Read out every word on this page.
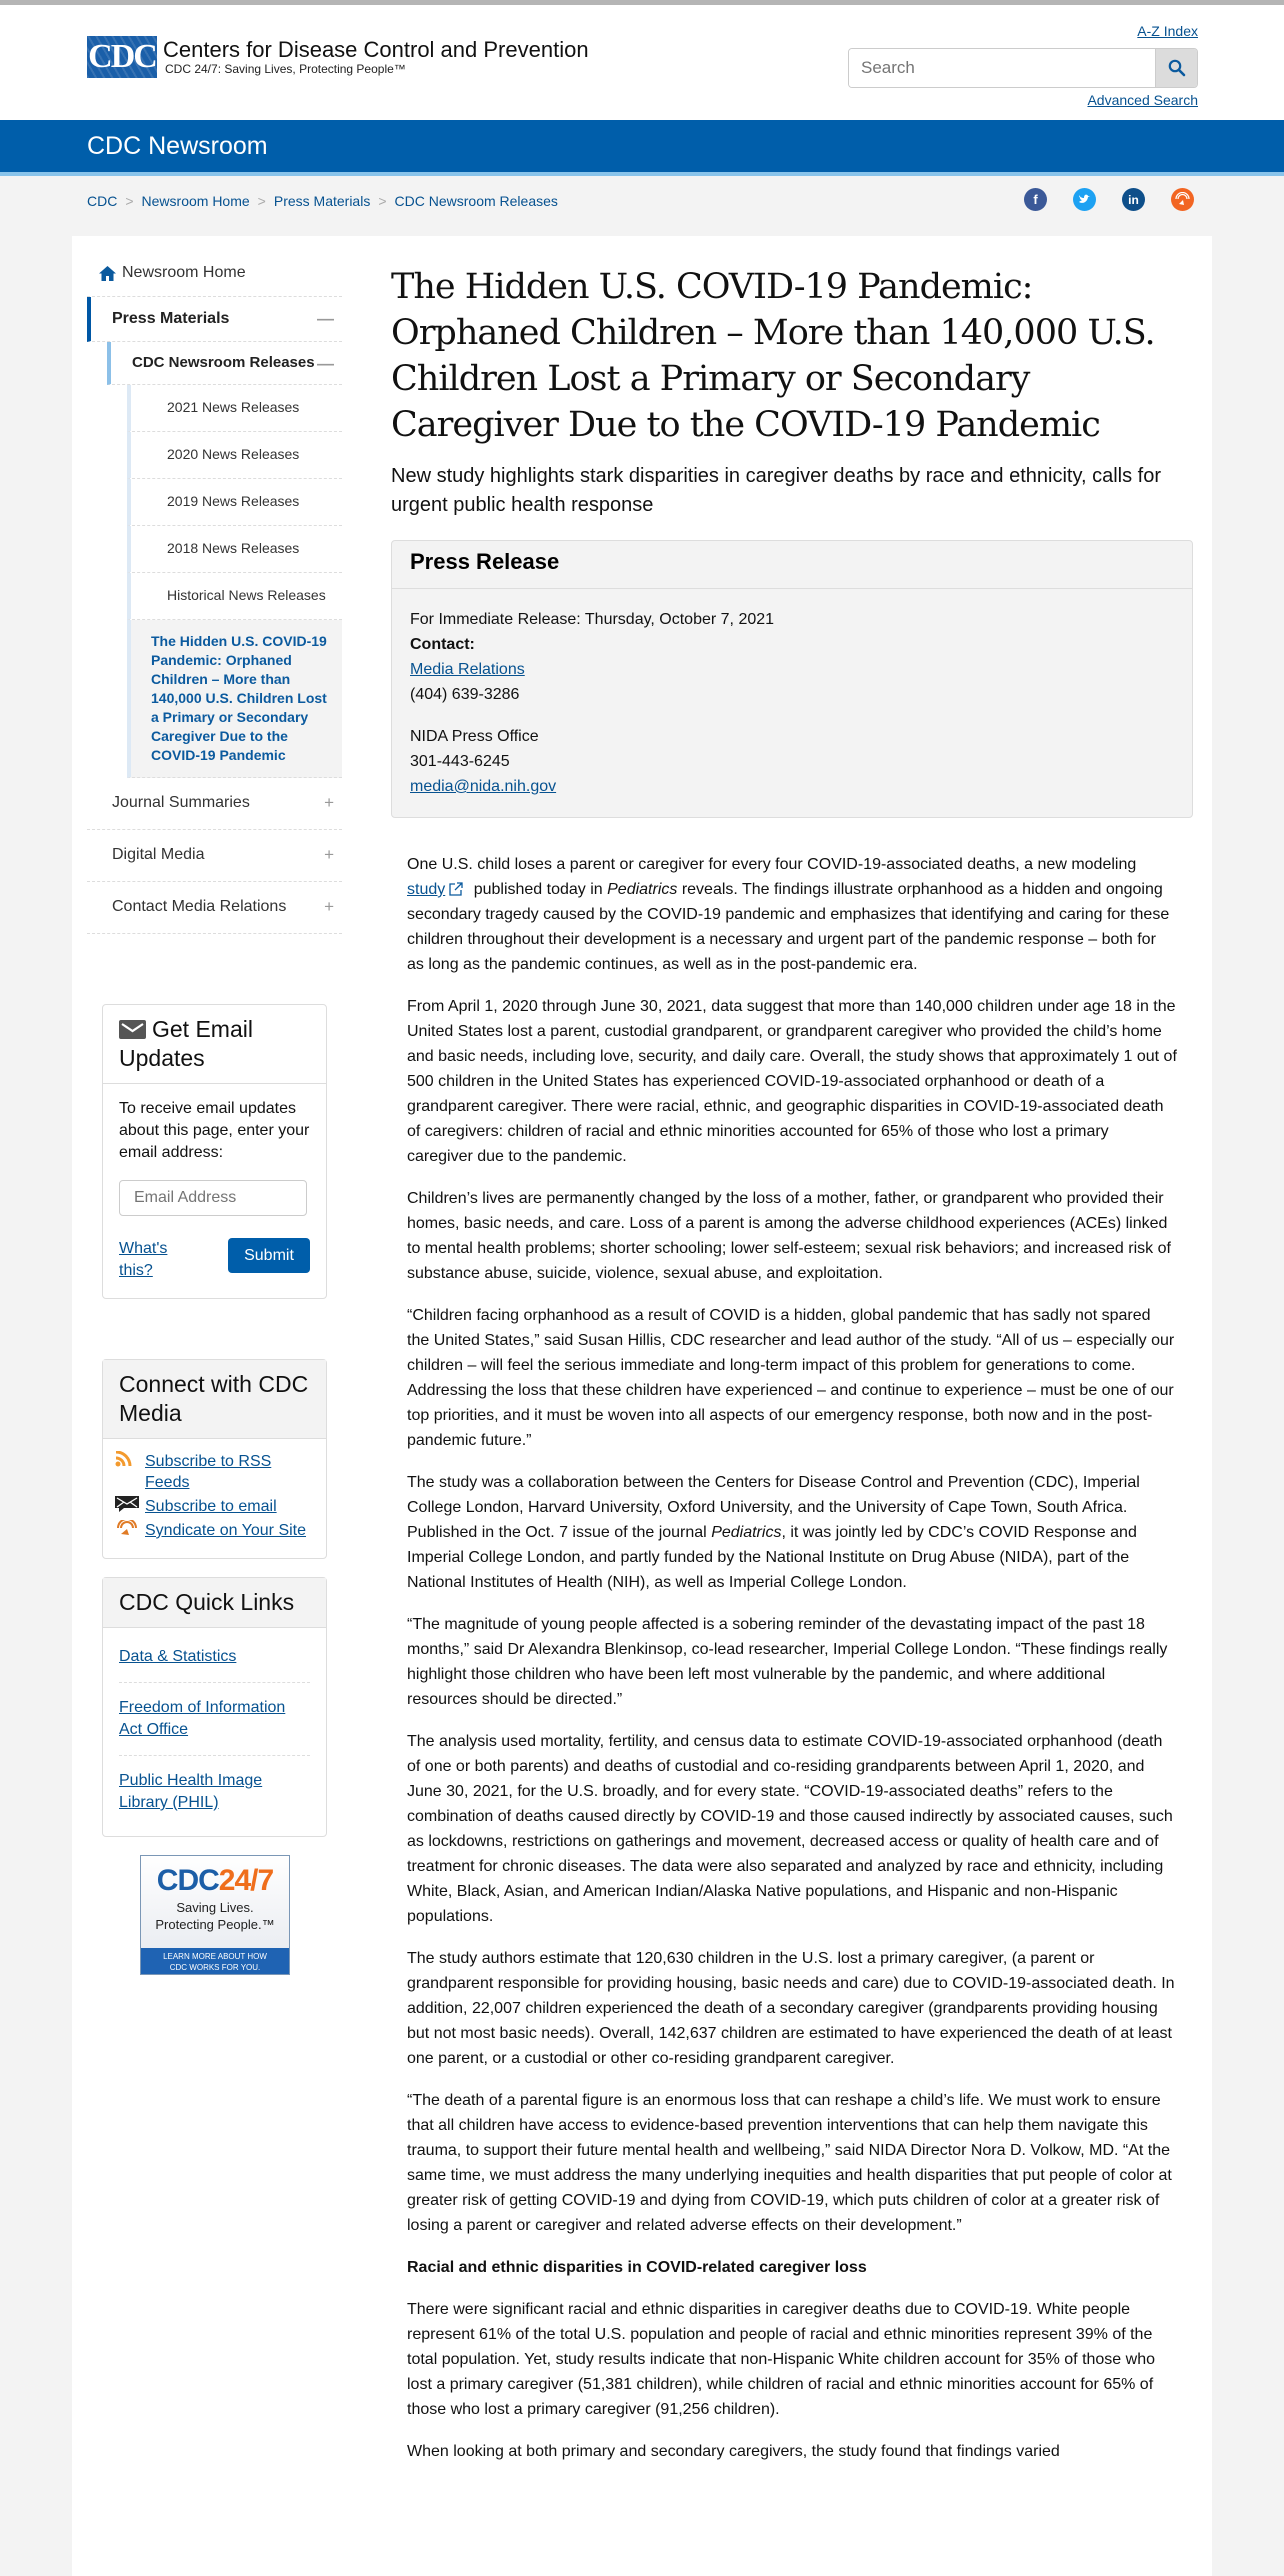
CDC Centers for Disease Control and Prevention
CDC 24/7: Saving Lives, Protecting People™
A-Z Index
Search
Advanced Search
CDC Newsroom
CDC > Newsroom Home > Press Materials > CDC Newsroom Releases	f	in
Newsroom Home
Press Materials	—
CDC Newsroom Releases —
2021 News Releases
2020 News Releases
2019 News Releases
2018 News Releases
Historical News Releases
The Hidden U.S. COVID-19 Pandemic: Orphaned Children – More than 140,000 U.S. Children Lost a Primary or Secondary Caregiver Due to the COVID-19 Pandemic
Journal Summaries	+
Digital Media	+
Contact Media Relations +
Get Email Updates
To receive email updates about this page, enter your email address:
Email Address
What's this?
Submit
Connect with CDC Media
Subscribe to RSS Feeds
Subscribe to email
Syndicate on Your Site
CDC Quick Links
Data & Statistics
Freedom of Information Act Office
Public Health Image Library (PHIL)
CDC24/7
Saving Lives.
Protecting People.™
LEARN MORE ABOUT HOW
CDC WORKS FOR YOU.
The Hidden U.S. COVID-19 Pandemic: Orphaned Children – More than 140,000 U.S. Children Lost a Primary or Secondary Caregiver Due to the COVID-19 Pandemic
New study highlights stark disparities in caregiver deaths by race and ethnicity, calls for urgent public health response
Press Release
For Immediate Release: Thursday, October 7, 2021
Contact:
Media Relations
(404) 639-3286
NIDA Press Office
301-443-6245
media@nida.nih.gov

One U.S. child loses a parent or caregiver for every four COVID-19-associated deaths, a new modeling study published today in Pediatrics reveals. The findings illustrate orphanhood as a hidden and ongoing secondary tragedy caused by the COVID-19 pandemic and emphasizes that identifying and caring for these children throughout their development is a necessary and urgent part of the pandemic response – both for as long as the pandemic continues, as well as in the post-pandemic era.

From April 1, 2020 through June 30, 2021, data suggest that more than 140,000 children under age 18 in the United States lost a parent, custodial grandparent, or grandparent caregiver who provided the child’s home and basic needs, including love, security, and daily care. Overall, the study shows that approximately 1 out of 500 children in the United States has experienced COVID-19-associated orphanhood or death of a grandparent caregiver. There were racial, ethnic, and geographic disparities in COVID-19-associated death of caregivers: children of racial and ethnic minorities accounted for 65% of those who lost a primary caregiver due to the pandemic.

Children’s lives are permanently changed by the loss of a mother, father, or grandparent who provided their homes, basic needs, and care. Loss of a parent is among the adverse childhood experiences (ACEs) linked to mental health problems; shorter schooling; lower self-esteem; sexual risk behaviors; and increased risk of substance abuse, suicide, violence, sexual abuse, and exploitation.

“Children facing orphanhood as a result of COVID is a hidden, global pandemic that has sadly not spared the United States,” said Susan Hillis, CDC researcher and lead author of the study. “All of us – especially our children – will feel the serious immediate and long-term impact of this problem for generations to come. Addressing the loss that these children have experienced – and continue to experience – must be one of our top priorities, and it must be woven into all aspects of our emergency response, both now and in the post-pandemic future.”

The study was a collaboration between the Centers for Disease Control and Prevention (CDC), Imperial College London, Harvard University, Oxford University, and the University of Cape Town, South Africa. Published in the Oct. 7 issue of the journal Pediatrics, it was jointly led by CDC’s COVID Response and Imperial College London, and partly funded by the National Institute on Drug Abuse (NIDA), part of the National Institutes of Health (NIH), as well as Imperial College London.

“The magnitude of young people affected is a sobering reminder of the devastating impact of the past 18 months,” said Dr Alexandra Blenkinsop, co-lead researcher, Imperial College London. “These findings really highlight those children who have been left most vulnerable by the pandemic, and where additional resources should be directed.”

The analysis used mortality, fertility, and census data to estimate COVID-19-associated orphanhood (death of one or both parents) and deaths of custodial and co-residing grandparents between April 1, 2020, and June 30, 2021, for the U.S. broadly, and for every state. “COVID-19-associated deaths” refers to the combination of deaths caused directly by COVID-19 and those caused indirectly by associated causes, such as lockdowns, restrictions on gatherings and movement, decreased access or quality of health care and of treatment for chronic diseases. The data were also separated and analyzed by race and ethnicity, including White, Black, Asian, and American Indian/Alaska Native populations, and Hispanic and non-Hispanic populations.

The study authors estimate that 120,630 children in the U.S. lost a primary caregiver, (a parent or grandparent responsible for providing housing, basic needs and care) due to COVID-19-associated death. In addition, 22,007 children experienced the death of a secondary caregiver (grandparents providing housing but not most basic needs). Overall, 142,637 children are estimated to have experienced the death of at least one parent, or a custodial or other co-residing grandparent caregiver.

“The death of a parental figure is an enormous loss that can reshape a child’s life. We must work to ensure that all children have access to evidence-based prevention interventions that can help them navigate this trauma, to support their future mental health and wellbeing,” said NIDA Director Nora D. Volkow, MD. “At the same time, we must address the many underlying inequities and health disparities that put people of color at greater risk of getting COVID-19 and dying from COVID-19, which puts children of color at a greater risk of losing a parent or caregiver and related adverse effects on their development.”

Racial and ethnic disparities in COVID-related caregiver loss

There were significant racial and ethnic disparities in caregiver deaths due to COVID-19. White people represent 61% of the total U.S. population and people of racial and ethnic minorities represent 39% of the total population. Yet, study results indicate that non-Hispanic White children account for 35% of those who lost a primary caregiver (51,381 children), while children of racial and ethnic minorities account for 65% of those who lost a primary caregiver (91,256 children).

When looking at both primary and secondary caregivers, the study found that findings varied
